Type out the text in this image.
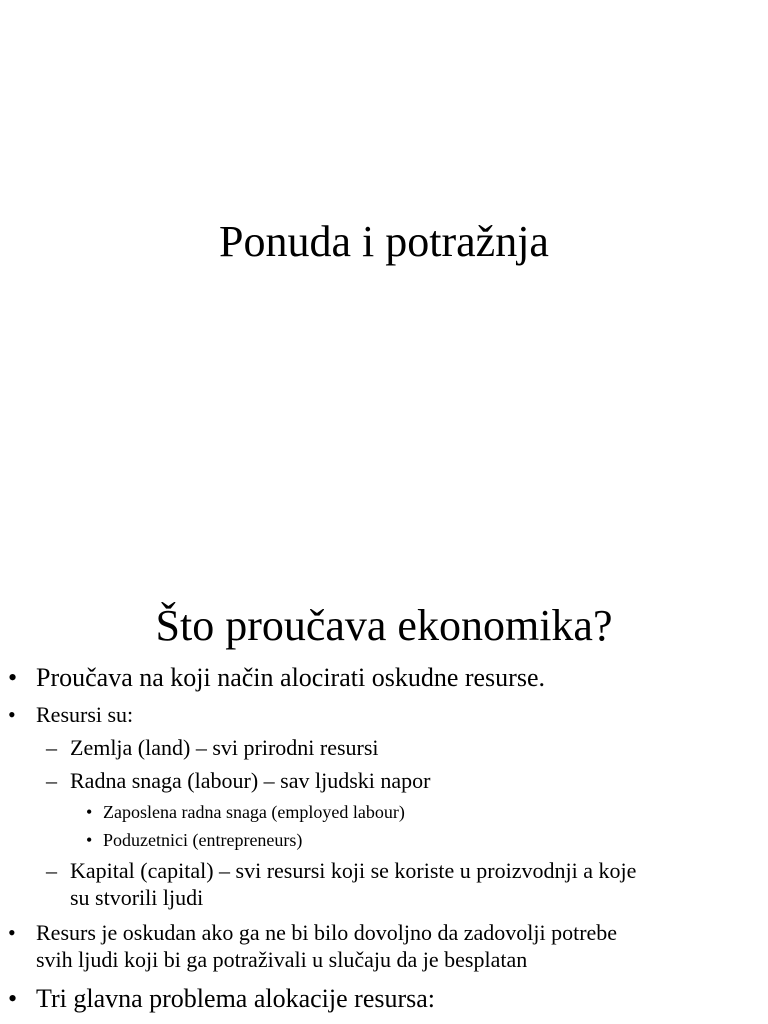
Ponuda i potražnja
Što proučava ekonomika?
• Proučava na koji način alocirati oskudne resurse.
• Resursi su:
– Zemlja (land) – svi prirodni resursi
– Radna snaga (labour) – sav ljudski napor
• Zaposlena radna snaga (employed labour)
• Poduzetnici (entrepreneurs)
– Kapital (capital) – svi resursi koji se koriste u proizvodnji a koje
su stvorili ljudi
• Resurs je oskudan ako ga ne bi bilo dovoljno da zadovolji potrebe
svih ljudi koji bi ga potraživali u slučaju da je besplatan
• Tri glavna problema alokacije resursa:
